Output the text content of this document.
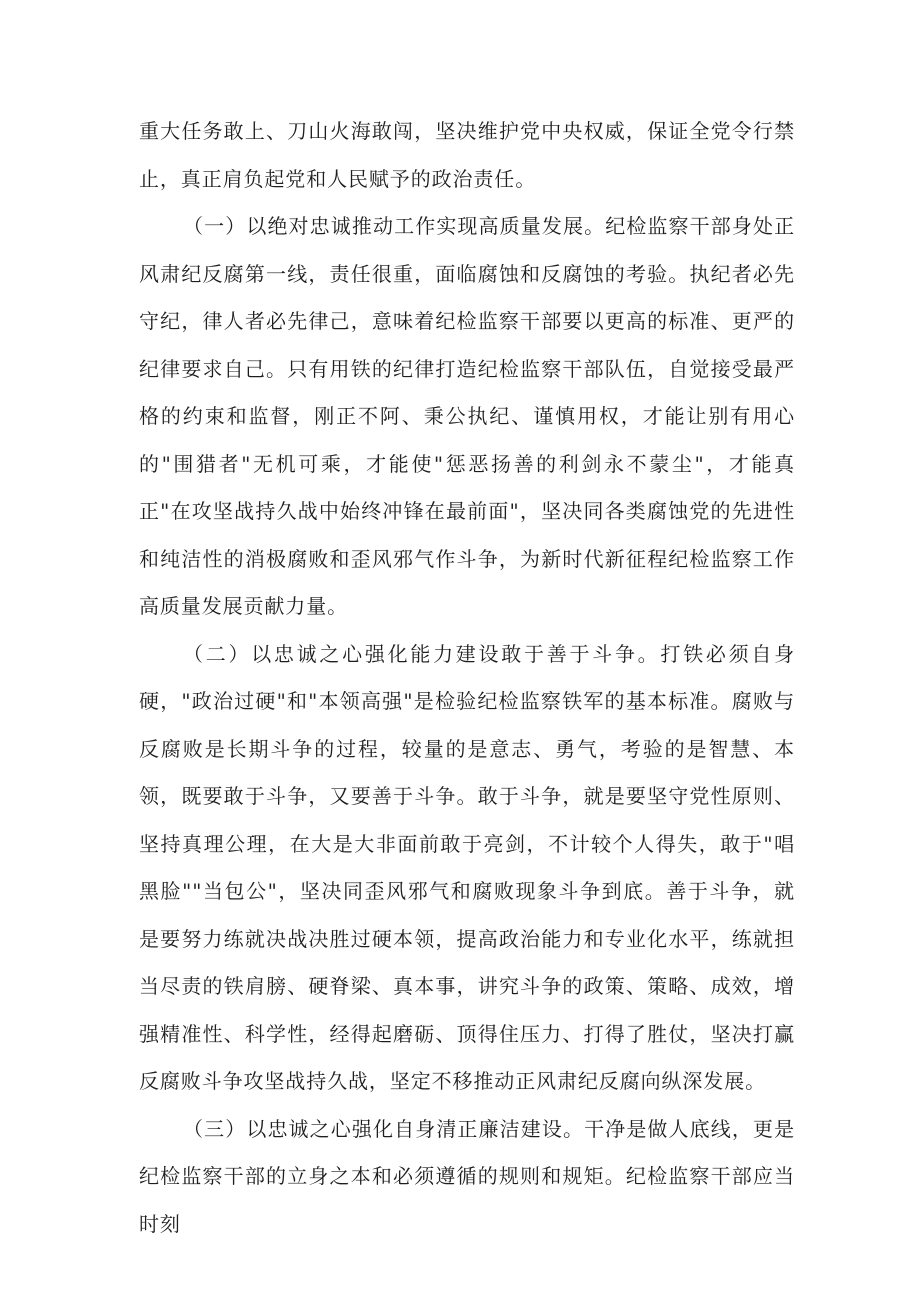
重大任务敢上、刀山火海敢闯，坚决维护党中央权威，保证全党令行禁止，真正肩负起党和人民赋予的政治责任。

（一）以绝对忠诚推动工作实现高质量发展。纪检监察干部身处正风肃纪反腐第一线，责任很重，面临腐蚀和反腐蚀的考验。执纪者必先守纪，律人者必先律己，意味着纪检监察干部要以更高的标准、更严的纪律要求自己。只有用铁的纪律打造纪检监察干部队伍，自觉接受最严格的约束和监督，刚正不阿、秉公执纪、谨慎用权，才能让别有用心的"围猎者"无机可乘，才能使"惩恶扬善的利剑永不蒙尘"，才能真正"在攻坚战持久战中始终冲锋在最前面"，坚决同各类腐蚀党的先进性和纯洁性的消极腐败和歪风邪气作斗争，为新时代新征程纪检监察工作高质量发展贡献力量。

（二）以忠诚之心强化能力建设敢于善于斗争。打铁必须自身硬，"政治过硬"和"本领高强"是检验纪检监察铁军的基本标准。腐败与反腐败是长期斗争的过程，较量的是意志、勇气，考验的是智慧、本领，既要敢于斗争，又要善于斗争。敢于斗争，就是要坚守党性原则、坚持真理公理，在大是大非面前敢于亮剑，不计较个人得失，敢于"唱黑脸""当包公"，坚决同歪风邪气和腐败现象斗争到底。善于斗争，就是要努力练就决战决胜过硬本领，提高政治能力和专业化水平，练就担当尽责的铁肩膀、硬脊梁、真本事，讲究斗争的政策、策略、成效，增强精准性、科学性，经得起磨砺、顶得住压力、打得了胜仗，坚决打赢反腐败斗争攻坚战持久战，坚定不移推动正风肃纪反腐向纵深发展。

（三）以忠诚之心强化自身清正廉洁建设。干净是做人底线，更是纪检监察干部的立身之本和必须遵循的规则和规矩。纪检监察干部应当时刻
